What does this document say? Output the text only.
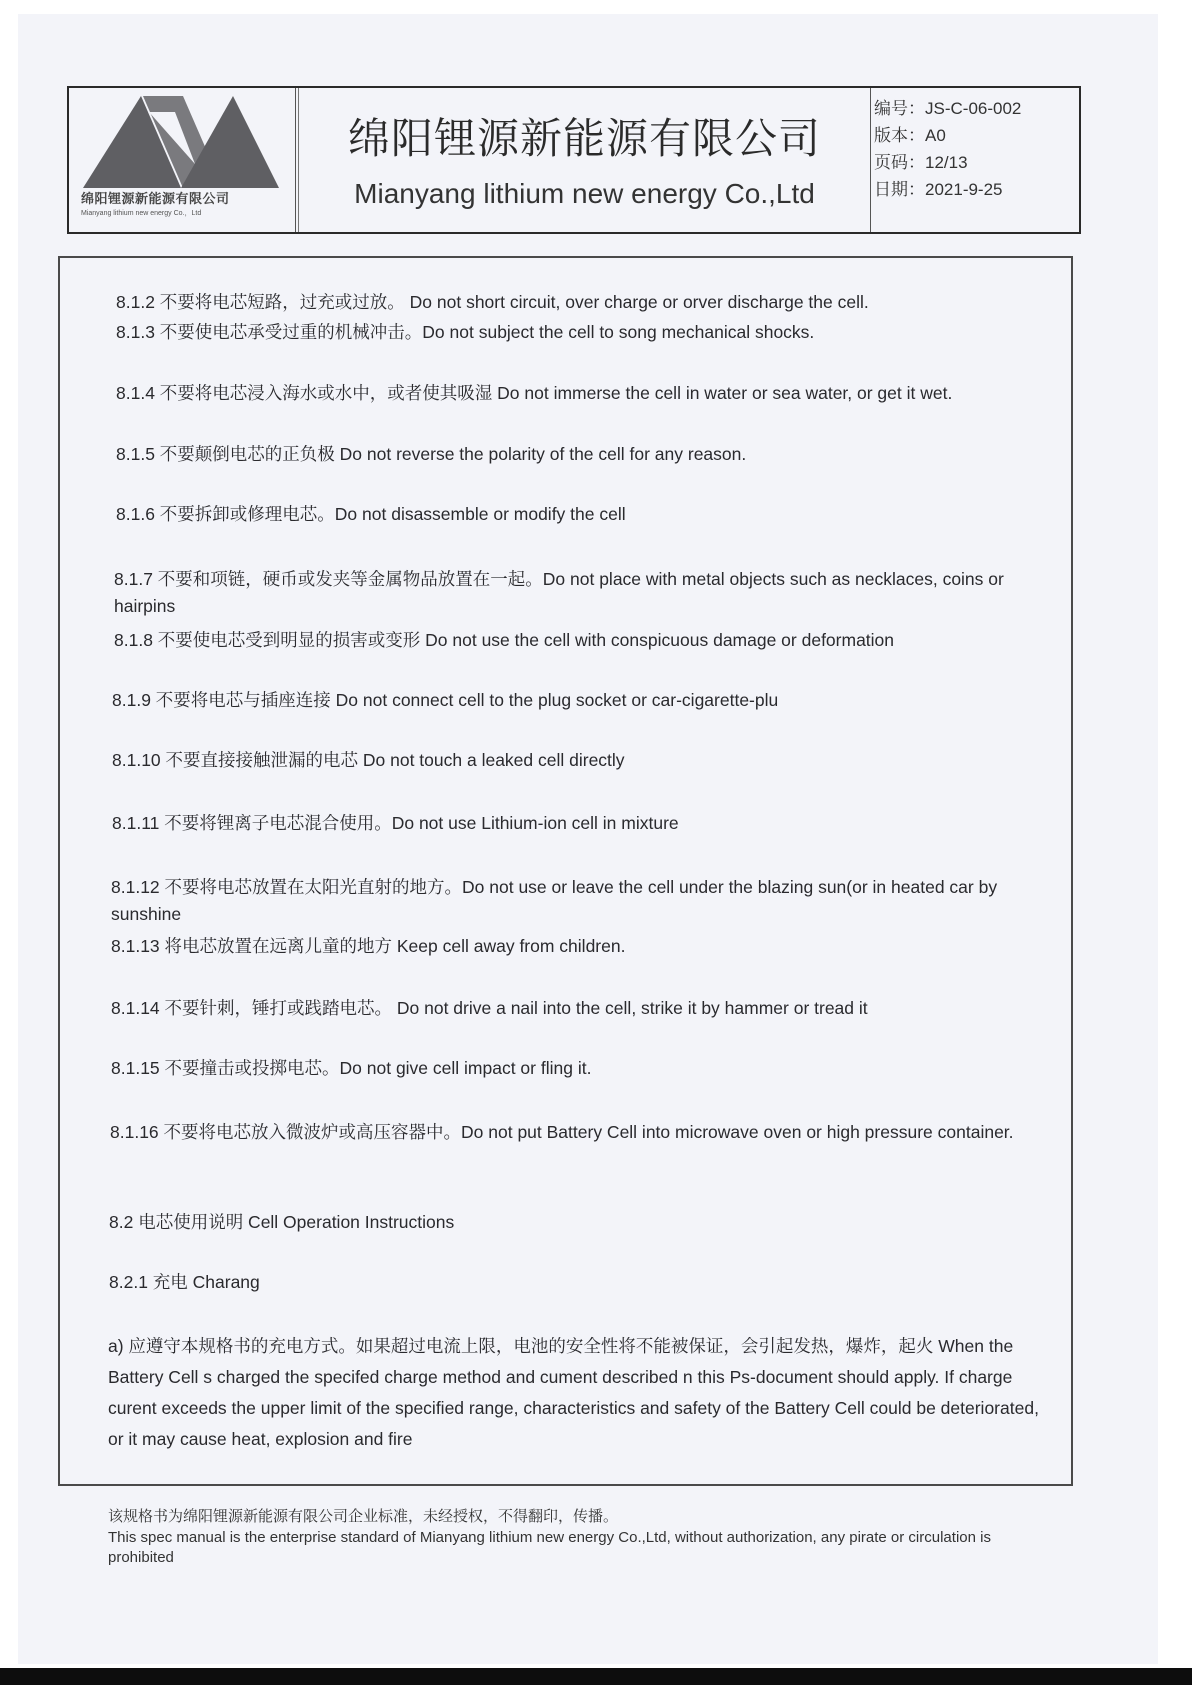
绵阳锂源新能源有限公司
Mianyang lithium new energy Co.，Ltd
绵阳锂源新能源有限公司
Mianyang lithium new energy Co.,Ltd
编号：JS-C-06-002
版本：A0
页码：12/13
日期：2021-9-25
8.1.2 不要将电芯短路，过充或过放。 Do not short circuit, over charge or orver discharge the cell.
8.1.3 不要使电芯承受过重的机械冲击。Do not subject the cell to song mechanical shocks.
8.1.4 不要将电芯浸入海水或水中，或者使其吸湿 Do not immerse the cell in water or sea water, or get it wet.
8.1.5 不要颠倒电芯的正负极 Do not reverse the polarity of the cell for any reason.
8.1.6 不要拆卸或修理电芯。Do not disassemble or modify the cell
8.1.7 不要和项链，硬币或发夹等金属物品放置在一起。Do not place with metal objects such as necklaces, coins or hairpins
8.1.8 不要使电芯受到明显的损害或变形 Do not use the cell with conspicuous damage or deformation
8.1.9 不要将电芯与插座连接 Do not connect cell to the plug socket or car-cigarette-plu
8.1.10 不要直接接触泄漏的电芯 Do not touch a leaked cell directly
8.1.11 不要将锂离子电芯混合使用。Do not use Lithium-ion cell in mixture
8.1.12 不要将电芯放置在太阳光直射的地方。Do not use or leave the cell under the blazing sun(or in heated car by sunshine
8.1.13 将电芯放置在远离儿童的地方 Keep cell away from children.
8.1.14 不要针刺，锤打或践踏电芯。 Do not drive a nail into the cell, strike it by hammer or tread it
8.1.15 不要撞击或投掷电芯。Do not give cell impact or fling it.
8.1.16 不要将电芯放入微波炉或高压容器中。Do not put Battery Cell into microwave oven or high pressure container.
8.2 电芯使用说明 Cell Operation Instructions
8.2.1 充电 Charang
a) 应遵守本规格书的充电方式。如果超过电流上限，电池的安全性将不能被保证，会引起发热，爆炸，起火 When the Battery Cell s charged the specifed charge method and cument described n this Ps-document should apply. If charge curent exceeds the upper limit of the specified range, characteristics and safety of the Battery Cell could be deteriorated, or it may cause heat, explosion and fire
该规格书为绵阳锂源新能源有限公司企业标准，未经授权，不得翻印，传播。
This spec manual is the enterprise standard of Mianyang lithium new energy Co.,Ltd, without authorization, any pirate or circulation is prohibited
